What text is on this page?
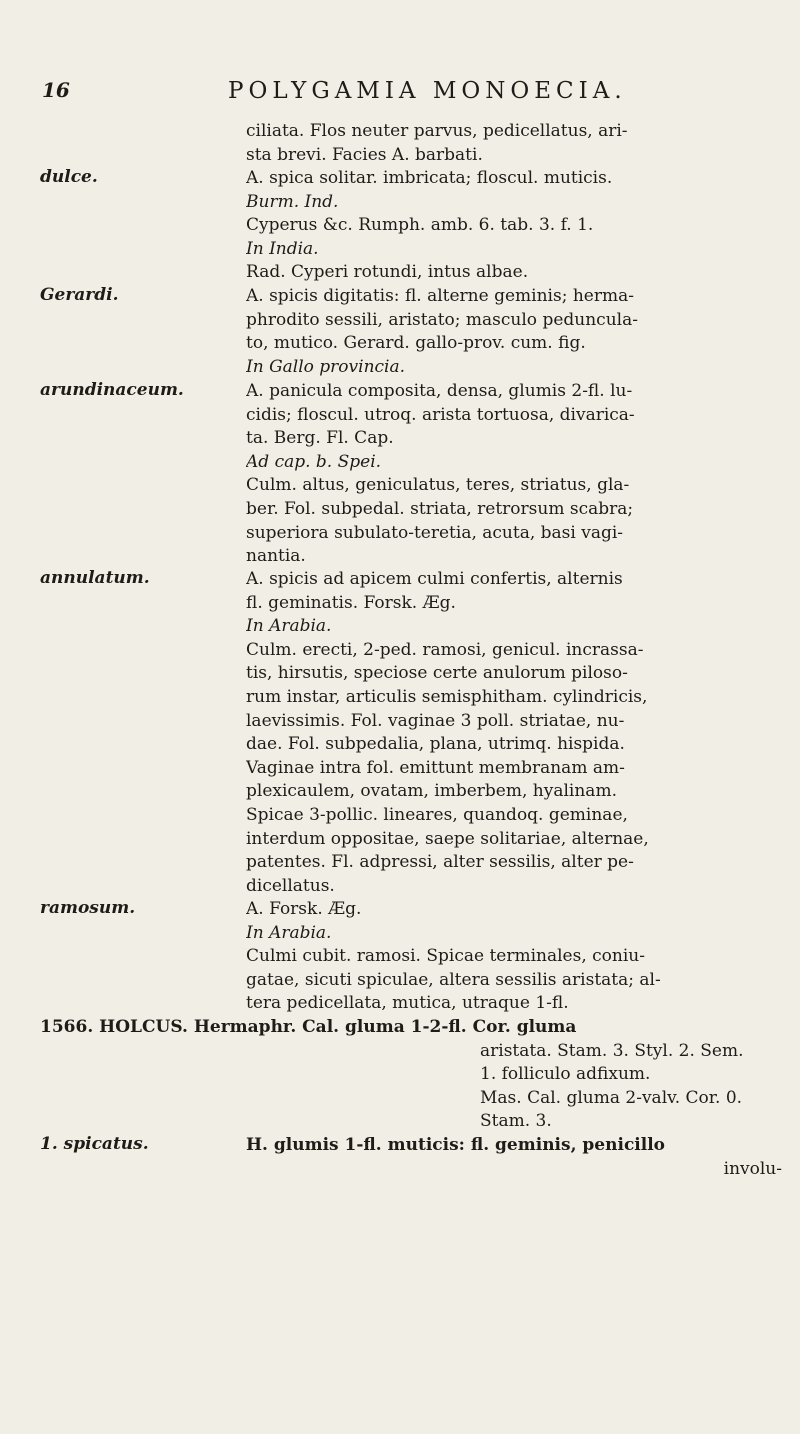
16	POLYGAMIA MONOECIA.
ciliata. Flos neuter parvus, pedicellatus, ari-
sta brevi. Facies A. barbati.
dulce.	A. spica solitar. imbricata; floscul. muticis.
Burm. Ind.
Cyperus &c. Rumph. amb. 6. tab. 3. f. 1.
In India.
Rad. Cyperi rotundi, intus albae.
Gerardi.	A. spicis digitatis: fl. alterne geminis; herma-
phrodito sessili, aristato; masculo pedunculа-
to, mutico. Gerard. gallo-prov. cum. fig.
In Gallo provincia.
arundinaceum.	A. panicula composita, densa, glumis 2-fl. lu-
cidis; floscul. utroq. arista tortuosa, divarica-
ta. Berg. Fl. Cap.
Ad cap. b. Spei.
Culm. altus, geniculatus, teres, striatus, gla-
ber. Fol. subpedal. striata, retrorsum scabra;
superiora subulato-teretia, acuta, basi vagi-
nantia.
annulatum.	A. spicis ad apicem culmi confertis, alternis
fl. geminatis. Forsk. Æg.
In Arabia.
Culm. erecti, 2-ped. ramosi, genicul. incrassa-
tis, hirsutis, speciose certe anulorum piloso-
rum instar, articulis semisphitham. cylindricis,
laevissimis. Fol. vaginae 3 poll. striatae, nu-
dae. Fol. subpedalia, plana, utrimq. hispida.
Vaginae intra fol. emittunt membranam am-
plexicaulem, ovatam, imberbem, hyalinam.
Spicae 3-pollic. lineares, quandoq. geminae,
interdum oppositae, saepe solitariae, alternae,
patentes. Fl. adpressi, alter sessilis, alter pe-
dicellatus.
ramosum.	A. Forsk. Æg.
In Arabia.
Culmi cubit. ramosi. Spicae terminales, coniu-
gatae, sicuti spiculae, altera sessilis aristata; al-
tera pedicellata, mutica, utraque 1-fl.
1566. HOLCUS. Hermaphr. Cal. gluma 1-2-fl. Cor. gluma
aristata. Stam. 3. Styl. 2. Sem.
1. folliculo adfixum.
Mas. Cal. gluma 2-valv. Cor. 0.
Stam. 3.
1. spicatus.	H. glumis 1-fl. muticis: fl. geminis, penicillo
involu-
